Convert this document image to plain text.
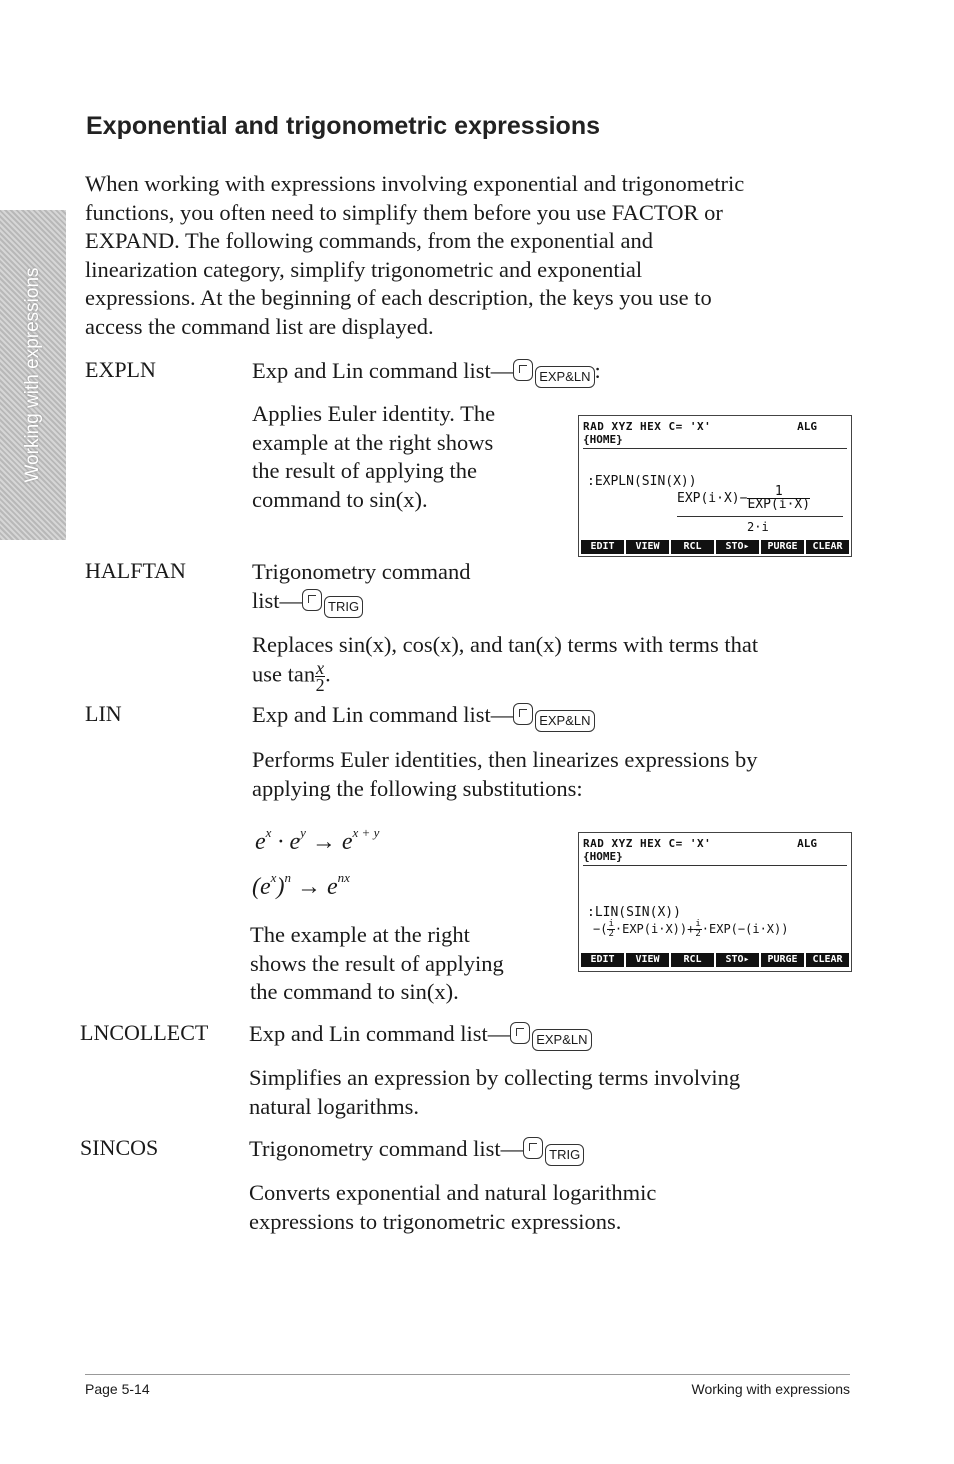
Exponential and trigonometric expressions
Working with expressions
When working with expressions involving exponential and trigonometric
functions, you often need to simplify them before you use FACTOR or
EXPAND. The following commands, from the exponential and
linearization category, simplify trigonometric and exponential
expressions. At the beginning of each description, the keys you use to
access the command list are displayed.
EXPLN	Exp and Lin command list— EXP&LN :
Applies Euler identity. The
example at the right shows
the result of applying the
command to sin(x).
RAD XYZ HEX C= 'X'	ALG
{HOME}
:EXPLN(SIN(X))
$EXP(i\cdot X)- \frac{1}{\text{EXP(i·X)}}$
2·i
EDIT	VIEW	RCL	STO▸	PURGE	CLEAR
HALFTAN	Trigonometry command
list— TRIG
Replaces sin(x), cos(x), and tan(x) terms with terms that
use $\tan \frac{x}{2}$ .
LIN	Exp and Lin command list— EXP&LN
Performs Euler identities, then linearizes expressions by
applying the following substitutions:
$e^x \cdot e^y \to e^{x + y}$
$(e^x)^n \to e^{nx}$
The example at the right
shows the result of applying
the command to sin(x).
RAD XYZ HEX C= 'X'	ALG
{HOME}
:LIN(SIN(X))
−( $\frac{i}{2} \cdot EXP(i\cdot X))+ \frac{i}{2} \cdot EXP(-(i\cdot X))$
EDIT	VIEW	RCL	STO▸	PURGE	CLEAR
LNCOLLECT Exp and Lin command list— EXP&LN
Simplifies an expression by collecting terms involving
natural logarithms.
SINCOS	Trigonometry command list— TRIG
Converts exponential and natural logarithmic
expressions to trigonometric expressions.
Page 5-14	Working with expressions
